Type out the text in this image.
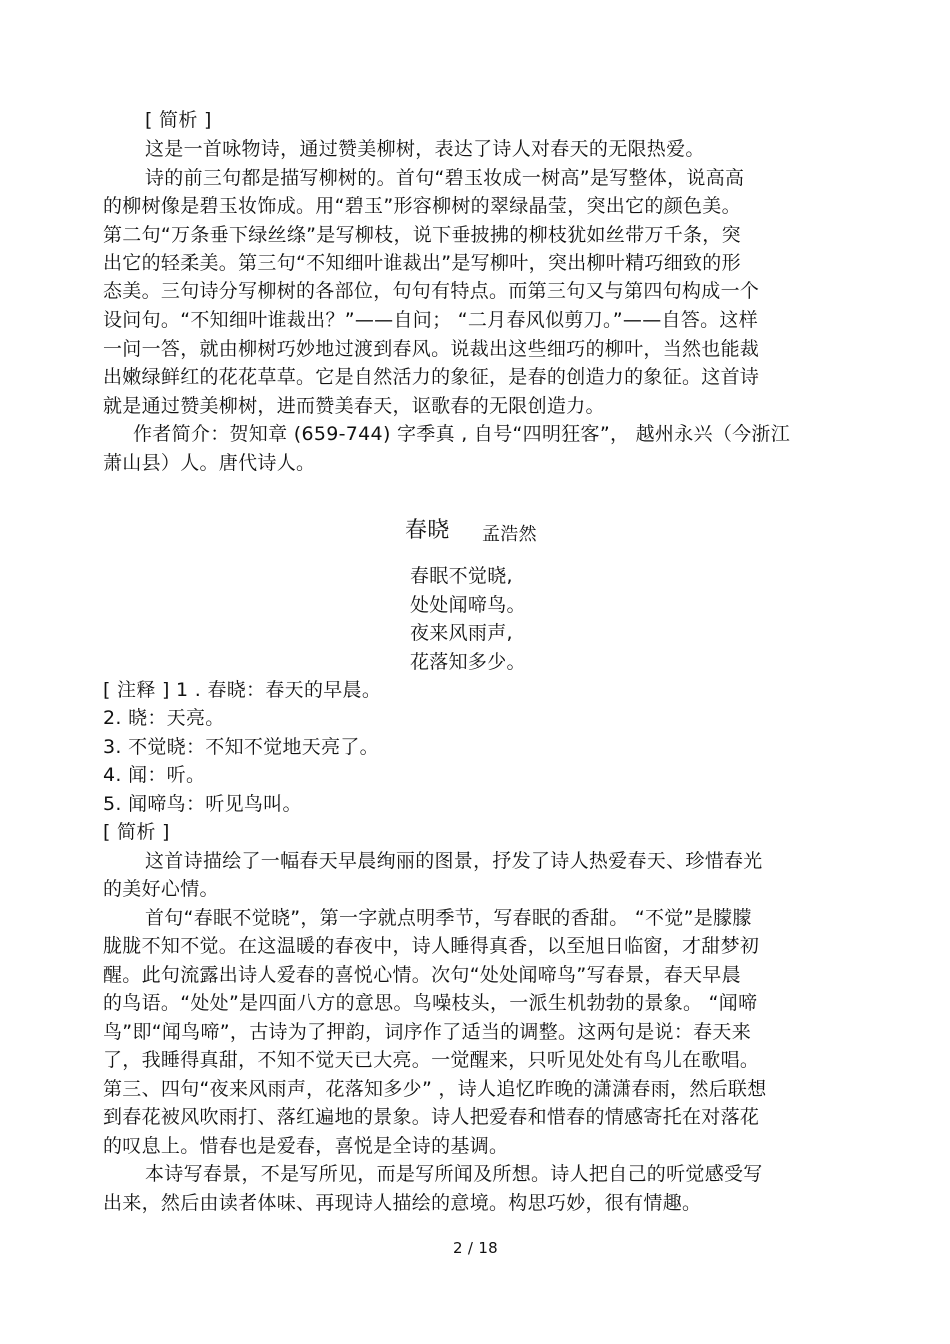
[ 简析 ]
这是一首咏物诗，通过赞美柳树，表达了诗人对春天的无限热爱。
诗的前三句都是描写柳树的。首句“碧玉妆成一树高”是写整体，说高高
的柳树像是碧玉妆饰成。用“碧玉”形容柳树的翠绿晶莹，突出它的颜色美。
第二句“万条垂下绿丝绦”是写柳枝，说下垂披拂的柳枝犹如丝带万千条，突
出它的轻柔美。第三句“不知细叶谁裁出”是写柳叶，突出柳叶精巧细致的形
态美。三句诗分写柳树的各部位，句句有特点。而第三句又与第四句构成一个
设问句。“不知细叶谁裁出？”——自问； “二月春风似剪刀。”——自答。这样
一问一答，就由柳树巧妙地过渡到春风。说裁出这些细巧的柳叶，当然也能裁
出嫩绿鲜红的花花草草。它是自然活力的象征，是春的创造力的象征。这首诗
就是通过赞美柳树，进而赞美春天，讴歌春的无限创造力。
作者简介：贺知章 (659-744) 字季真 , 自号“四明狂客”， 越州永兴（今浙江
萧山县）人。唐代诗人。
春晓 孟浩然
春眠不觉晓,
处处闻啼鸟。
夜来风雨声,
花落知多少。
[ 注释 ] 1 . 春晓：春天的早晨。
2. 晓：天亮。
3. 不觉晓：不知不觉地天亮了。
4. 闻：听。
5. 闻啼鸟：听见鸟叫。
[ 简析 ]
这首诗描绘了一幅春天早晨绚丽的图景，抒发了诗人热爱春天、珍惜春光
的美好心情。
首句“春眠不觉晓”，第一字就点明季节，写春眠的香甜。 “不觉”是朦朦
胧胧不知不觉。在这温暖的春夜中，诗人睡得真香，以至旭日临窗，才甜梦初
醒。此句流露出诗人爱春的喜悦心情。次句“处处闻啼鸟”写春景，春天早晨
的鸟语。“处处”是四面八方的意思。鸟噪枝头，一派生机勃勃的景象。 “闻啼
鸟”即“闻鸟啼”，古诗为了押韵，词序作了适当的调整。这两句是说：春天来
了，我睡得真甜，不知不觉天已大亮。一觉醒来，只听见处处有鸟儿在歌唱。
第三、四句“夜来风雨声，花落知多少” ，诗人追忆昨晚的潇潇春雨，然后联想
到春花被风吹雨打、落红遍地的景象。诗人把爱春和惜春的情感寄托在对落花
的叹息上。惜春也是爱春，喜悦是全诗的基调。
本诗写春景，不是写所见，而是写所闻及所想。诗人把自己的听觉感受写
出来，然后由读者体味、再现诗人描绘的意境。构思巧妙，很有情趣。
2 / 18
